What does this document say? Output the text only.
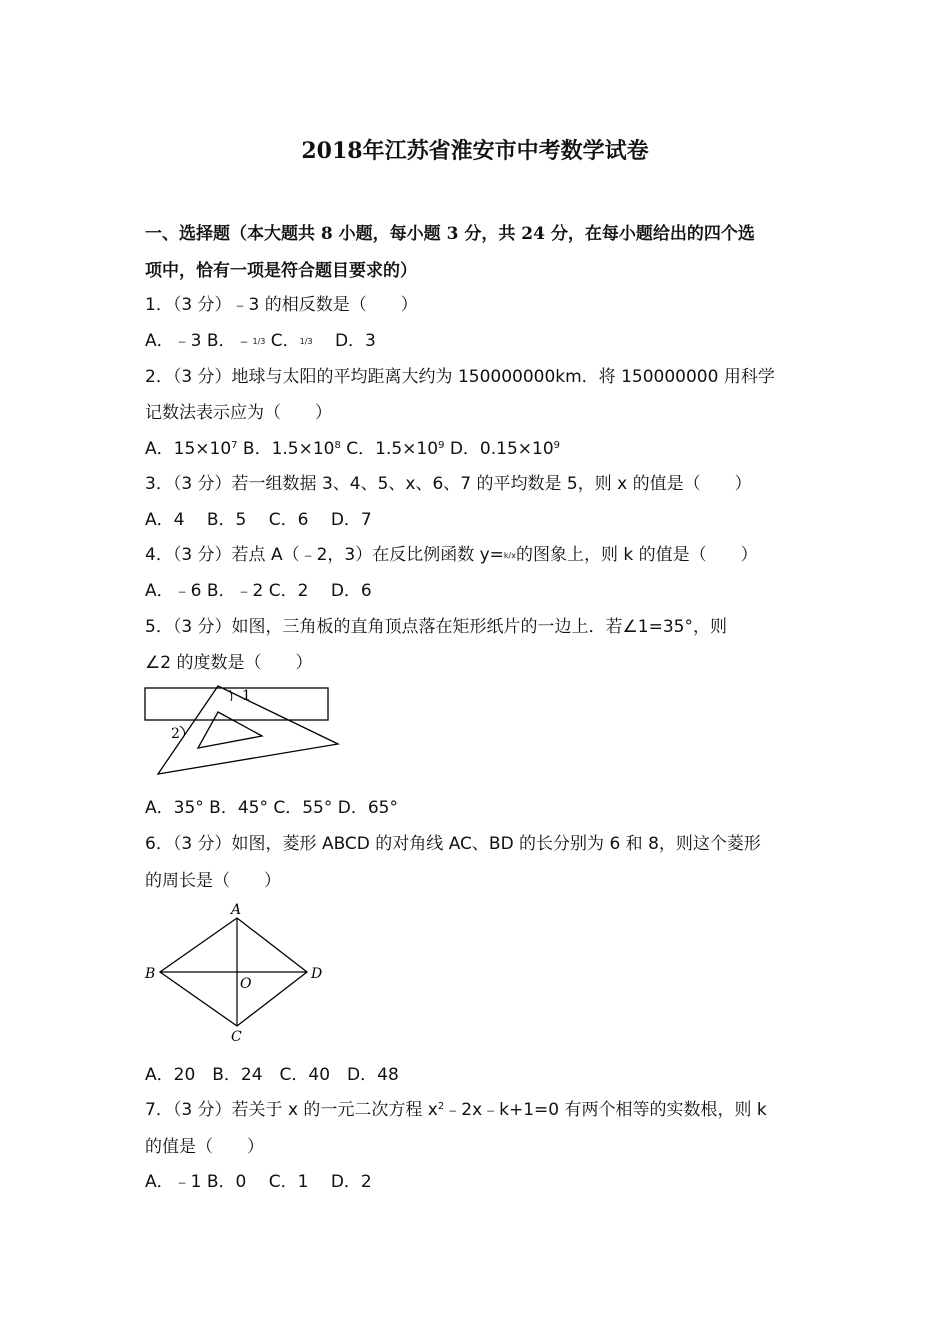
2018年江苏省淮安市中考数学试卷
一、选择题（本大题共 8 小题，每小题 3 分，共 24 分，在每小题给出的四个选
项中，恰有一项是符合题目要求的）
1．（3 分）﹣3 的相反数是（　　）
A．﹣3 B．﹣1/3 C．1/3　 D．3
2．（3 分）地球与太阳的平均距离大约为 150000000km．将 150000000 用科学
记数法表示应为（　　）
A．$15\times 10^7$ B．$1.5\times 10^8$ C．$1.5\times 10^9$ D．$0.15\times 10^9$
3．（3 分）若一组数据 3、4、5、x、6、7 的平均数是 5，则 x 的值是（　　）
A．4　 B．5　 C．6　 D．7
4．（3 分）若点 A（﹣2，3）在反比例函数 y=k/x的图象上，则 k 的值是（　　）
A．﹣6 B．﹣2 C．2　 D．6
5．（3 分）如图，三角板的直角顶点落在矩形纸片的一边上．若∠1=35°，则
∠2 的度数是（　　）
1
2
A．35° B．45° C．55° D．65°
6．（3 分）如图，菱形 ABCD 的对角线 AC、BD 的长分别为 6 和 8，则这个菱形
的周长是（　　）
A
B
C
D
O
A．20　B．24　C．40　D．48
7．（3 分）若关于 x 的一元二次方程 $x^2﹣2x﹣k+1=0$ 有两个相等的实数根，则 k
的值是（　　）
A．﹣1 B．0　 C．1　 D．2
